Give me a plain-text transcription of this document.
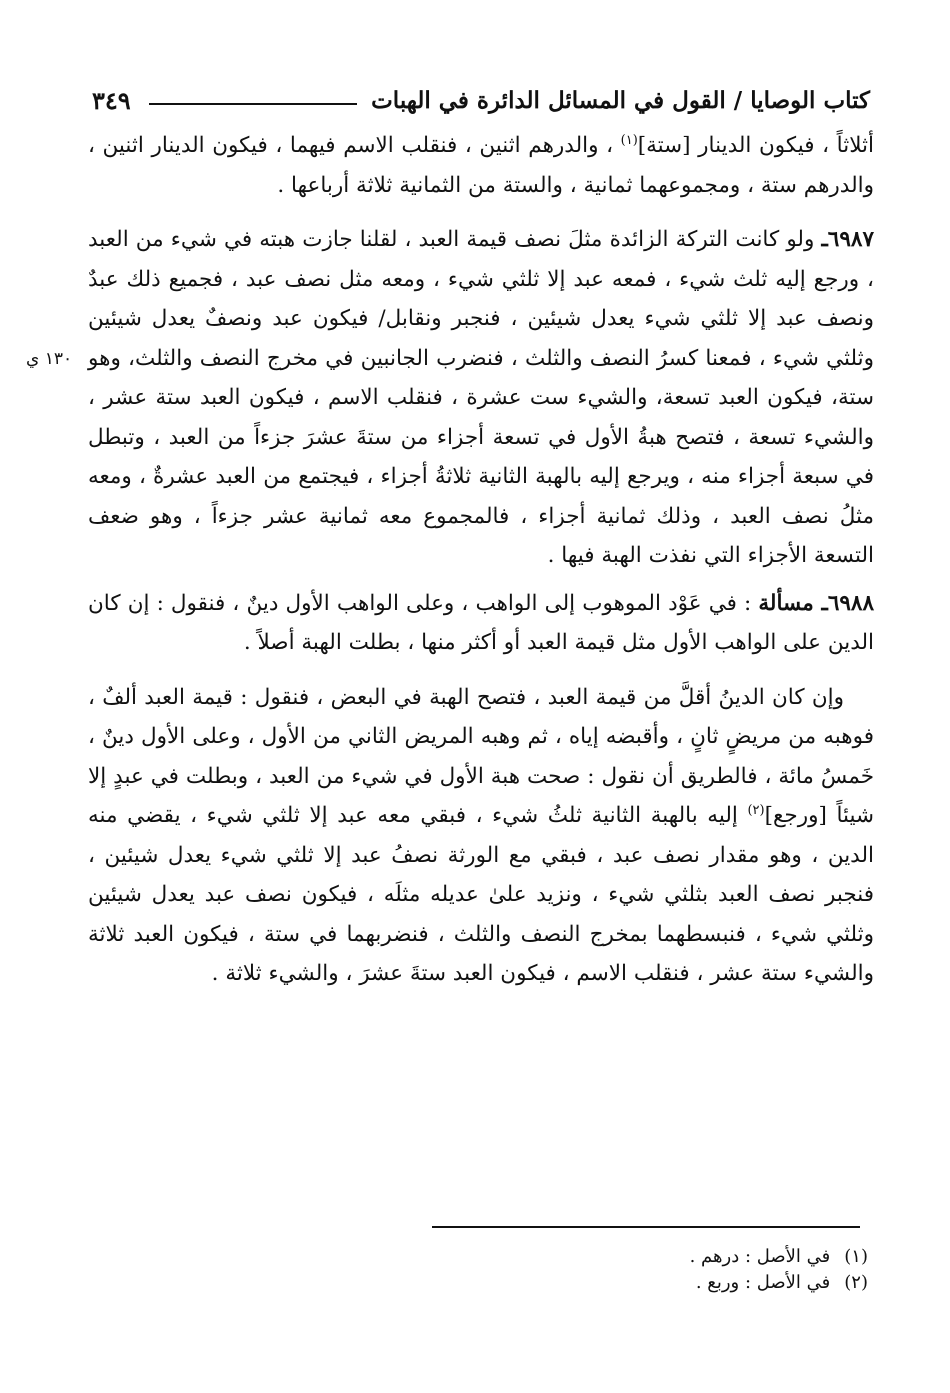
كتاب الوصايا / القول في المسائل الدائرة في الهبات
٣٤٩
١٣٠ ي

أثلاثاً ، فيكون الدينار [ستة]$^{(١)}$ ، والدرهم اثنين ، فنقلب الاسم فيهما ، فيكون الدينار اثنين ، والدرهم ستة ، ومجموعهما ثمانية ، والستة من الثمانية ثلاثة أرباعها .

٦٩٨٧ـ ولو كانت التركة الزائدة مثلَ نصف قيمة العبد ، لقلنا جازت هبته في شيء من العبد ، ورجع إليه ثلث شيء ، فمعه عبد إلا ثلثي شيء ، ومعه مثل نصف عبد ، فجميع ذلك عبدٌ ونصف عبد إلا ثلثي شيء يعدل شيئين ، فنجبر ونقابل/ فيكون عبد ونصفٌ يعدل شيئين وثلثي شيء ، فمعنا كسرُ النصف والثلث ، فنضرب الجانبين في مخرج النصف والثلث، وهو ستة، فيكون العبد تسعة، والشيء ست عشرة ، فنقلب الاسم ، فيكون العبد ستة عشر ، والشيء تسعة ، فتصح هبةُ الأول في تسعة أجزاء من ستةَ عشرَ جزءاً من العبد ، وتبطل في سبعة أجزاء منه ، ويرجع إليه بالهبة الثانية ثلاثةُ أجزاء ، فيجتمع من العبد عشرةٌ ، ومعه مثلُ نصف العبد ، وذلك ثمانية أجزاء ، فالمجموع معه ثمانية عشر جزءاً ، وهو ضعف التسعة الأجزاء التي نفذت الهبة فيها .

٦٩٨٨ـ مسألة : في عَوْد الموهوب إلى الواهب ، وعلى الواهب الأول دينٌ ، فنقول : إن كان الدين على الواهب الأول مثل قيمة العبد أو أكثر منها ، بطلت الهبة أصلاً .

وإن كان الدينُ أقلَّ من قيمة العبد ، فتصح الهبة في البعض ، فنقول : قيمة العبد ألفٌ ، فوهبه من مريضٍ ثانٍ ، وأقبضه إياه ، ثم وهبه المريض الثاني من الأول ، وعلى الأول دينٌ ، خَمسُ مائة ، فالطريق أن نقول : صحت هبة الأول في شيء من العبد ، وبطلت في عبدٍ إلا شيئاً [ورجع]$^{(٢)}$ إليه بالهبة الثانية ثلثُ شيء ، فبقي معه عبد إلا ثلثي شيء ، يقضي منه الدين ، وهو مقدار نصف عبد ، فبقي مع الورثة نصفُ عبد إلا ثلثي شيء يعدل شيئين ، فنجبر نصف العبد بثلثي شيء ، ونزيد علىٰ عديله مثلَه ، فيكون نصف عبد يعدل شيئين وثلثي شيء ، فنبسطهما بمخرج النصف والثلث ، فنضربهما في ستة ، فيكون العبد ثلاثة والشيء ستة عشر ، فنقلب الاسم ، فيكون العبد ستةَ عشرَ ، والشيء ثلاثة .

(١)
في الأصل : درهم .
(٢)
في الأصل : وربع .
